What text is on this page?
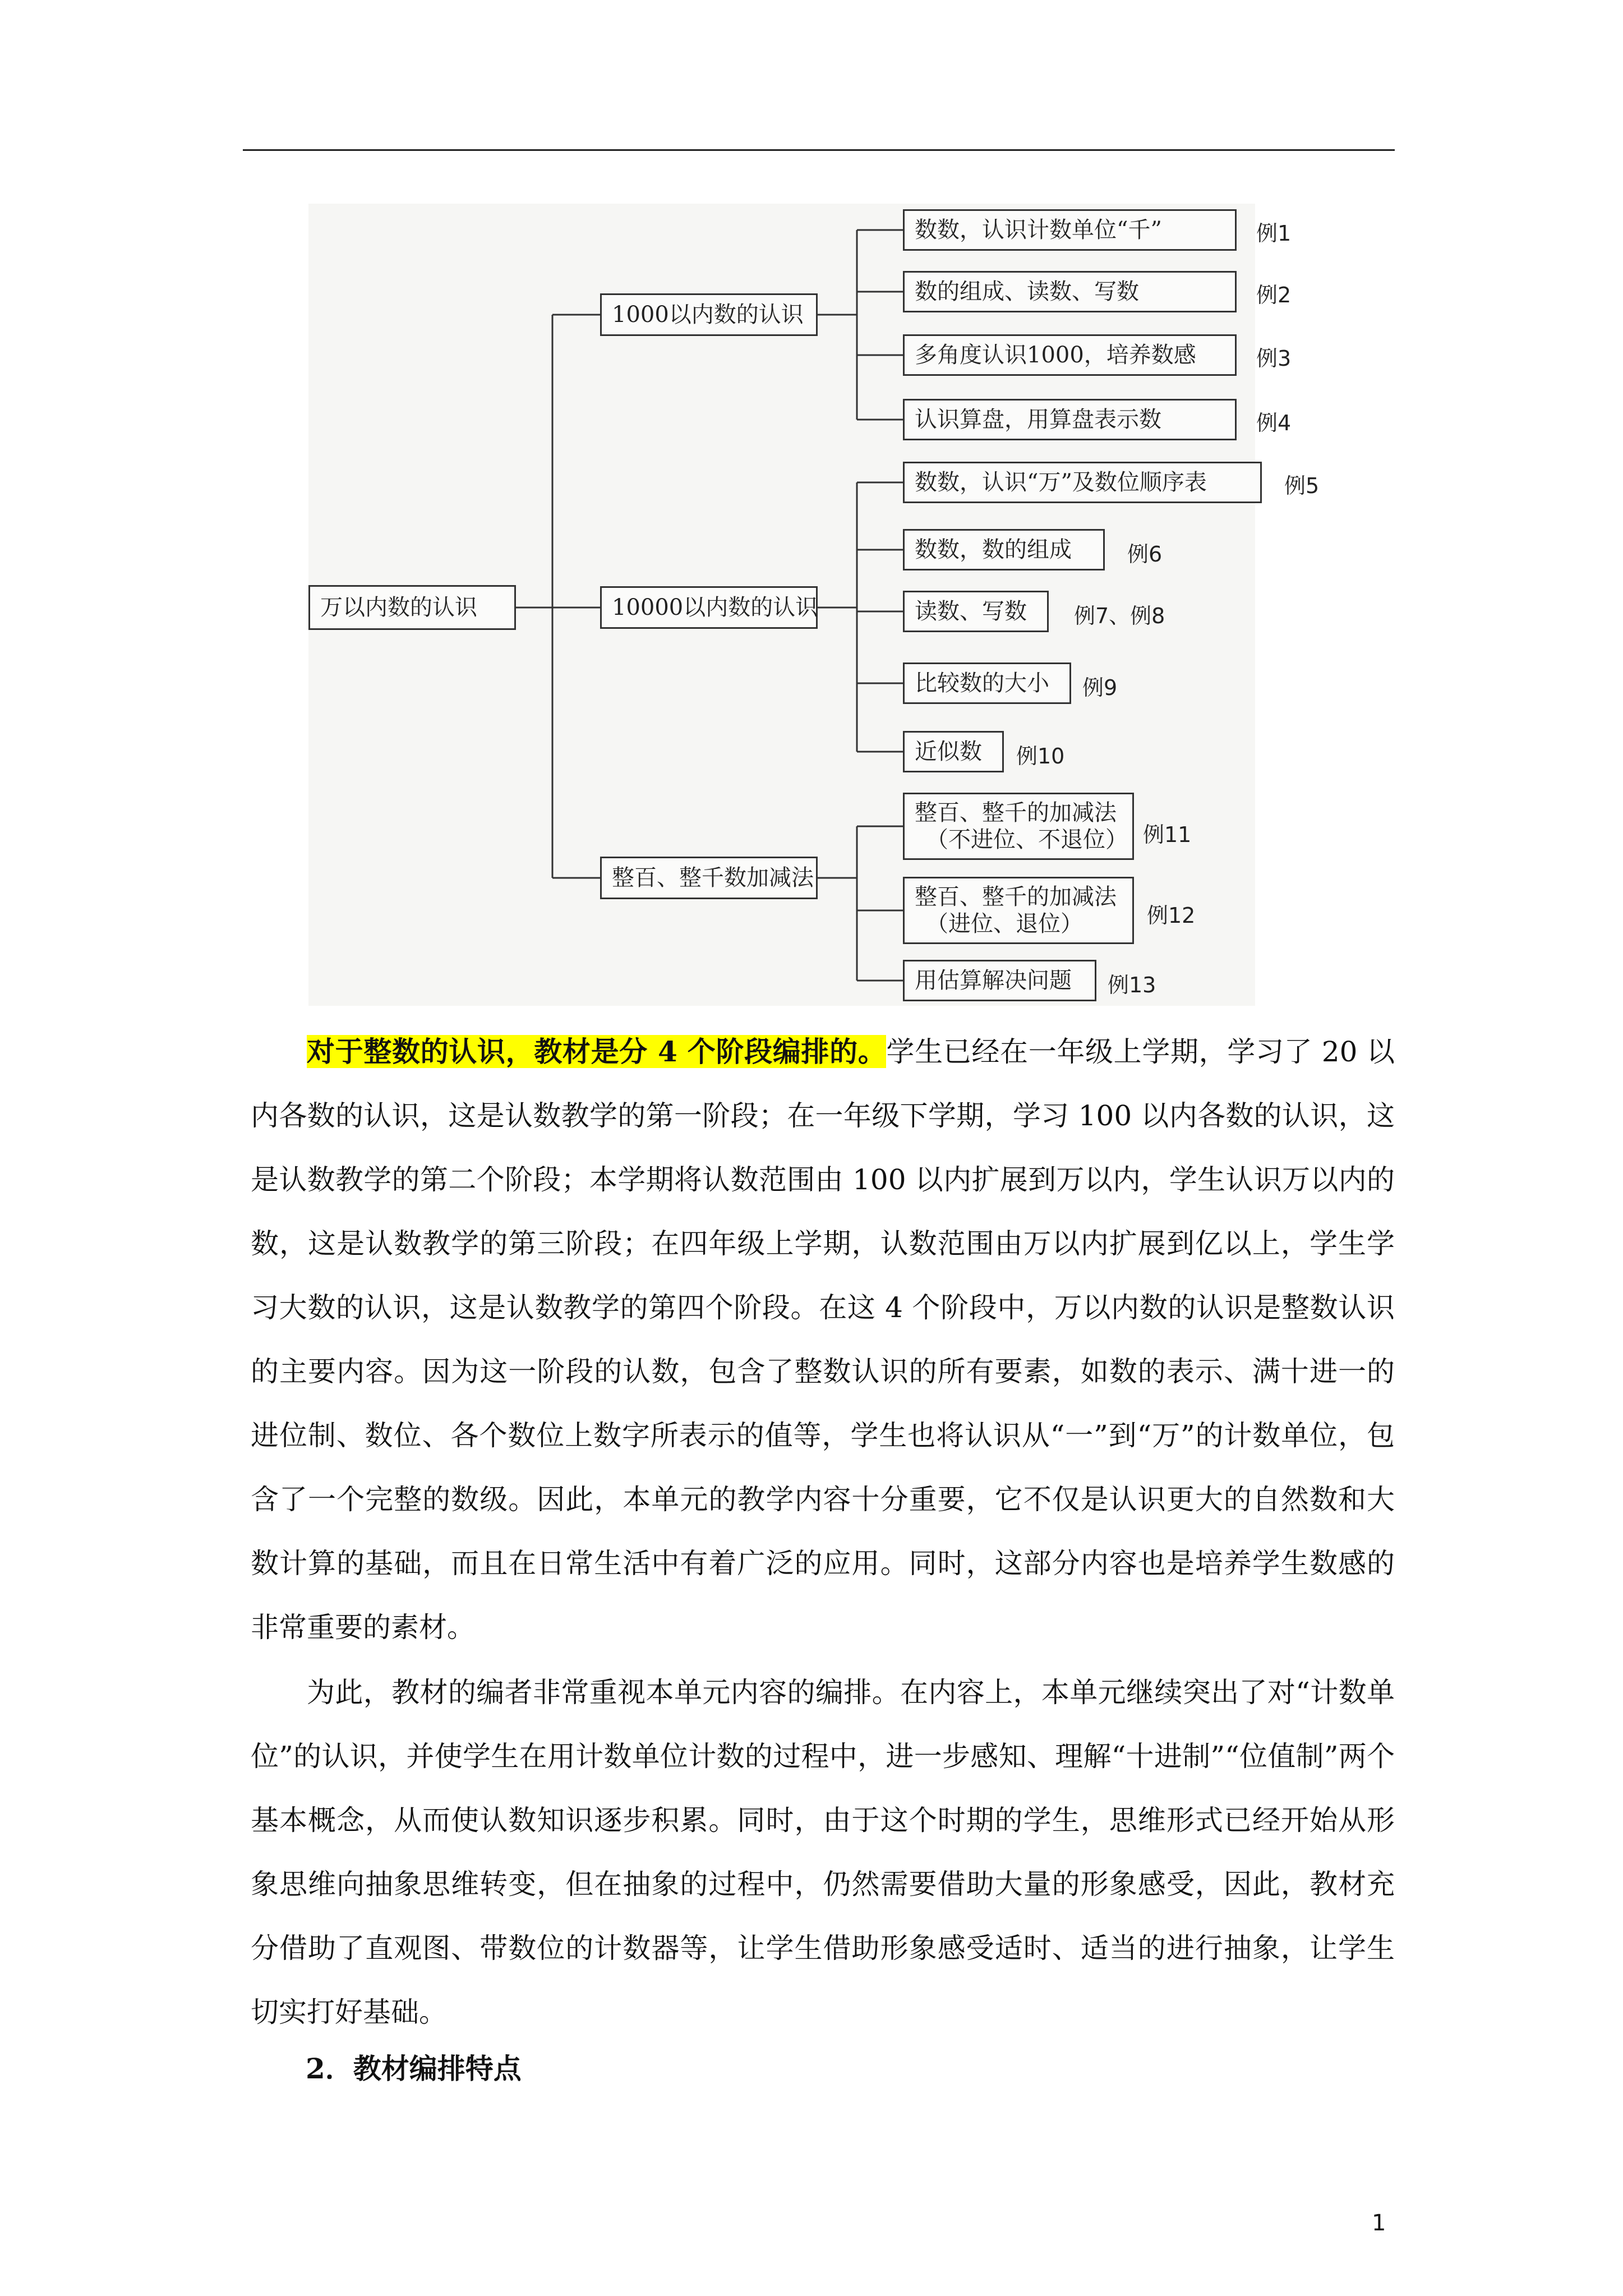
万以内数的认识
1000以内数的认识
10000以内数的认识
整百、整千数加减法
数数，认识计数单位“千”	例1
数的组成、读数、写数	例2
多角度认识1000，培养数感	例3
认识算盘，用算盘表示数	例4
数数，认识“万”及数位顺序表	例5
数数，数的组成	例6
读数、写数	例7、例8
比较数的大小	例9
近似数	例10
整百、整千的加减法
（不进位、不退位） 例11
整百、整千的加减法
（进位、退位）	例12
用估算解决问题	例13

对于整数的认识，教材是分 4 个阶段编排的。学生已经在一年级上学期，学习了 20 以内各数的认识，这是认数教学的第一阶段；在一年级下学期，学习 100 以内各数的认识，这是认数教学的第二个阶段；本学期将认数范围由 100 以内扩展到万以内，学生认识万以内的数，这是认数教学的第三阶段；在四年级上学期，认数范围由万以内扩展到亿以上，学生学习大数的认识，这是认数教学的第四个阶段。在这 4 个阶段中，万以内数的认识是整数认识的主要内容。因为这一阶段的认数，包含了整数认识的所有要素，如数的表示、满十进一的进位制、数位、各个数位上数字所表示的值等，学生也将认识从“一”到“万”的计数单位，包含了一个完整的数级。因此，本单元的教学内容十分重要，它不仅是认识更大的自然数和大数计算的基础，而且在日常生活中有着广泛的应用。同时，这部分内容也是培养学生数感的非常重要的素材。

为此，教材的编者非常重视本单元内容的编排。在内容上，本单元继续突出了对“计数单位”的认识，并使学生在用计数单位计数的过程中，进一步感知、理解“十进制”“位值制”两个基本概念，从而使认数知识逐步积累。同时，由于这个时期的学生，思维形式已经开始从形象思维向抽象思维转变，但在抽象的过程中，仍然需要借助大量的形象感受，因此，教材充分借助了直观图、带数位的计数器等，让学生借助形象感受适时、适当的进行抽象，让学生切实打好基础。

2．教材编排特点

1
